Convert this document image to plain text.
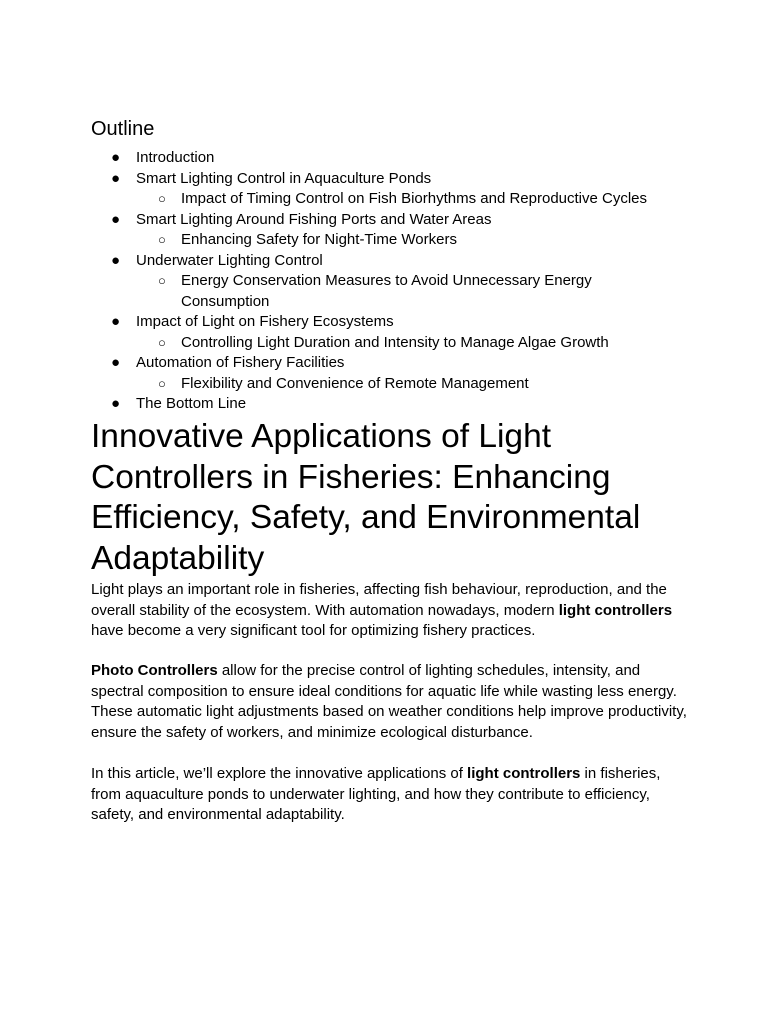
Outline
● Introduction
● Smart Lighting Control in Aquaculture Ponds
○ Impact of Timing Control on Fish Biorhythms and Reproductive Cycles
● Smart Lighting Around Fishing Ports and Water Areas
○ Enhancing Safety for Night-Time Workers
● Underwater Lighting Control
○ Energy Conservation Measures to Avoid Unnecessary Energy Consumption
● Impact of Light on Fishery Ecosystems
○ Controlling Light Duration and Intensity to Manage Algae Growth
● Automation of Fishery Facilities
○ Flexibility and Convenience of Remote Management
● The Bottom Line
Innovative Applications of Light Controllers in Fisheries: Enhancing Efficiency, Safety, and Environmental Adaptability

Light plays an important role in fisheries, affecting fish behaviour, reproduction, and the overall stability of the ecosystem. With automation nowadays, modern light controllers have become a very significant tool for optimizing fishery practices.

Photo Controllers allow for the precise control of lighting schedules, intensity, and spectral composition to ensure ideal conditions for aquatic life while wasting less energy. These automatic light adjustments based on weather conditions help improve productivity, ensure the safety of workers, and minimize ecological disturbance.

In this article, we’ll explore the innovative applications of light controllers in fisheries, from aquaculture ponds to underwater lighting, and how they contribute to efficiency, safety, and environmental adaptability.
